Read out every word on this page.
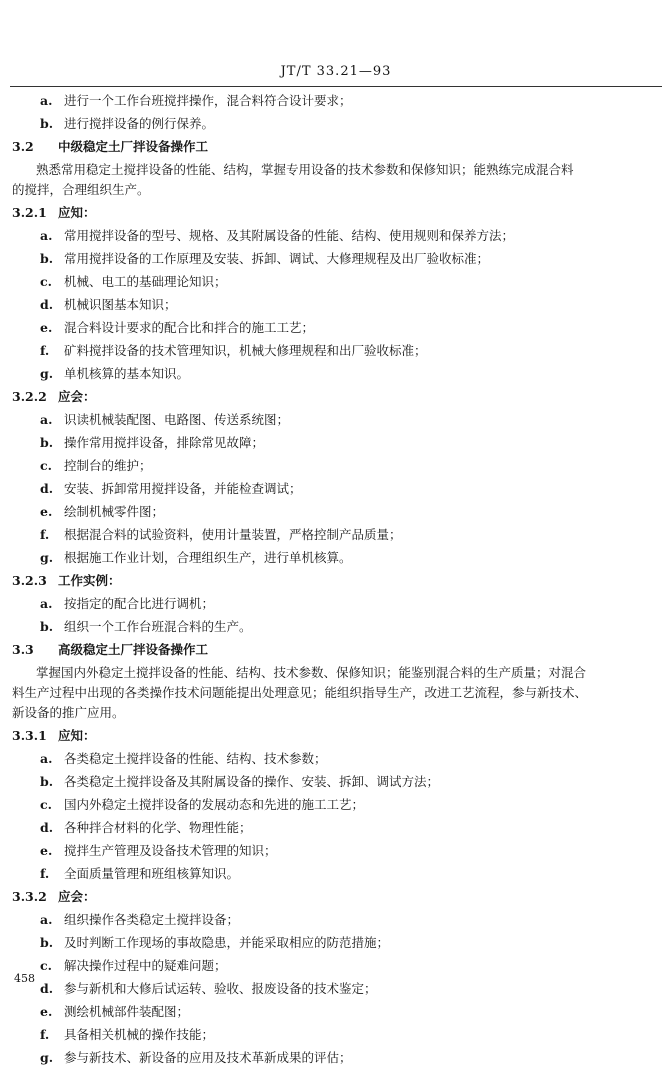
JT/T 33.21—93
a. 进行一个工作台班搅拌操作，混合料符合设计要求；
b. 进行搅拌设备的例行保养。
3.2 中级稳定土厂拌设备操作工
熟悉常用稳定土搅拌设备的性能、结构，掌握专用设备的技术参数和保修知识；能熟练完成混合料
的搅拌，合理组织生产。
3.2.1 应知：
a. 常用搅拌设备的型号、规格、及其附属设备的性能、结构、使用规则和保养方法；
b. 常用搅拌设备的工作原理及安装、拆卸、调试、大修理规程及出厂验收标准；
c. 机械、电工的基础理论知识；
d. 机械识图基本知识；
e. 混合料设计要求的配合比和拌合的施工工艺；
f. 矿料搅拌设备的技术管理知识，机械大修理规程和出厂验收标准；
g. 单机核算的基本知识。
3.2.2 应会：
a. 识读机械装配图、电路图、传送系统图；
b. 操作常用搅拌设备，排除常见故障；
c. 控制台的维护；
d. 安装、拆卸常用搅拌设备，并能检查调试；
e. 绘制机械零件图；
f. 根据混合料的试验资料，使用计量装置，严格控制产品质量；
g. 根据施工作业计划，合理组织生产，进行单机核算。
3.2.3 工作实例：
a. 按指定的配合比进行调机；
b. 组织一个工作台班混合料的生产。
3.3 高级稳定土厂拌设备操作工
掌握国内外稳定土搅拌设备的性能、结构、技术参数、保修知识；能鉴别混合料的生产质量；对混合
料生产过程中出现的各类操作技术问题能提出处理意见；能组织指导生产，改进工艺流程，参与新技术、
新设备的推广应用。
3.3.1 应知：
a. 各类稳定土搅拌设备的性能、结构、技术参数；
b. 各类稳定土搅拌设备及其附属设备的操作、安装、拆卸、调试方法；
c. 国内外稳定土搅拌设备的发展动态和先进的施工工艺；
d. 各种拌合材料的化学、物理性能；
e. 搅拌生产管理及设备技术管理的知识；
f. 全面质量管理和班组核算知识。
3.3.2 应会：
a. 组织操作各类稳定土搅拌设备；
b. 及时判断工作现场的事故隐患，并能采取相应的防范措施；
c. 解决操作过程中的疑难问题；
d. 参与新机和大修后试运转、验收、报废设备的技术鉴定；
e. 测绘机械部件装配图；
f. 具备相关机械的操作技能；
g. 参与新技术、新设备的应用及技术革新成果的评估；
458
